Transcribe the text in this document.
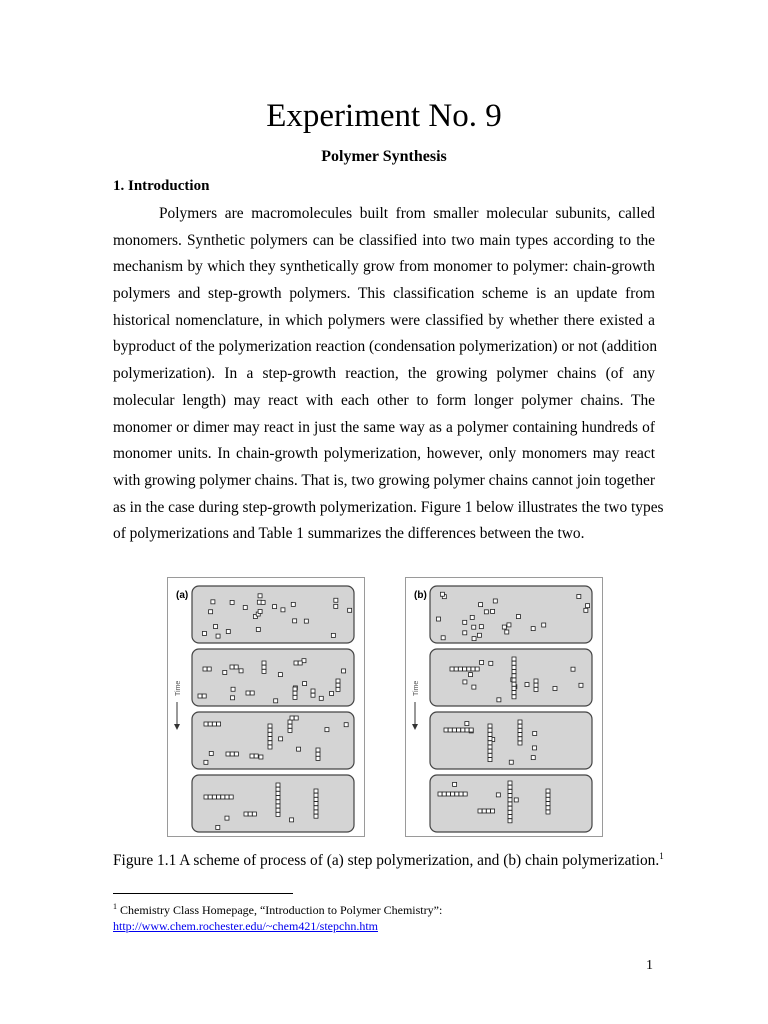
Experiment No. 9
Polymer Synthesis
1. Introduction
Polymers are macromolecules built from smaller molecular subunits, called
monomers. Synthetic polymers can be classified into two main types according to the
mechanism by which they synthetically grow from monomer to polymer: chain-growth
polymers and step-growth polymers. This classification scheme is an update from
historical nomenclature, in which polymers were classified by whether there existed a
byproduct of the polymerization reaction (condensation polymerization) or not (addition
polymerization). In a step-growth reaction, the growing polymer chains (of any
molecular length) may react with each other to form longer polymer chains. The
monomer or dimer may react in just the same way as a polymer containing hundreds of
monomer units. In chain-growth polymerization, however, only monomers may react
with growing polymer chains. That is, two growing polymer chains cannot join together
as in the case during step-growth polymerization. Figure 1 below illustrates the two types
of polymerizations and Table 1 summarizes the differences between the two.
(a)
Time
(b)
Time
Figure 1.1 A scheme of process of (a) step polymerization, and (b) chain polymerization.$^1$
$^1$ Chemistry Class Homepage, “Introduction to Polymer Chemistry”:
http://www.chem.rochester.edu/~chem421/stepchn.htm
1
